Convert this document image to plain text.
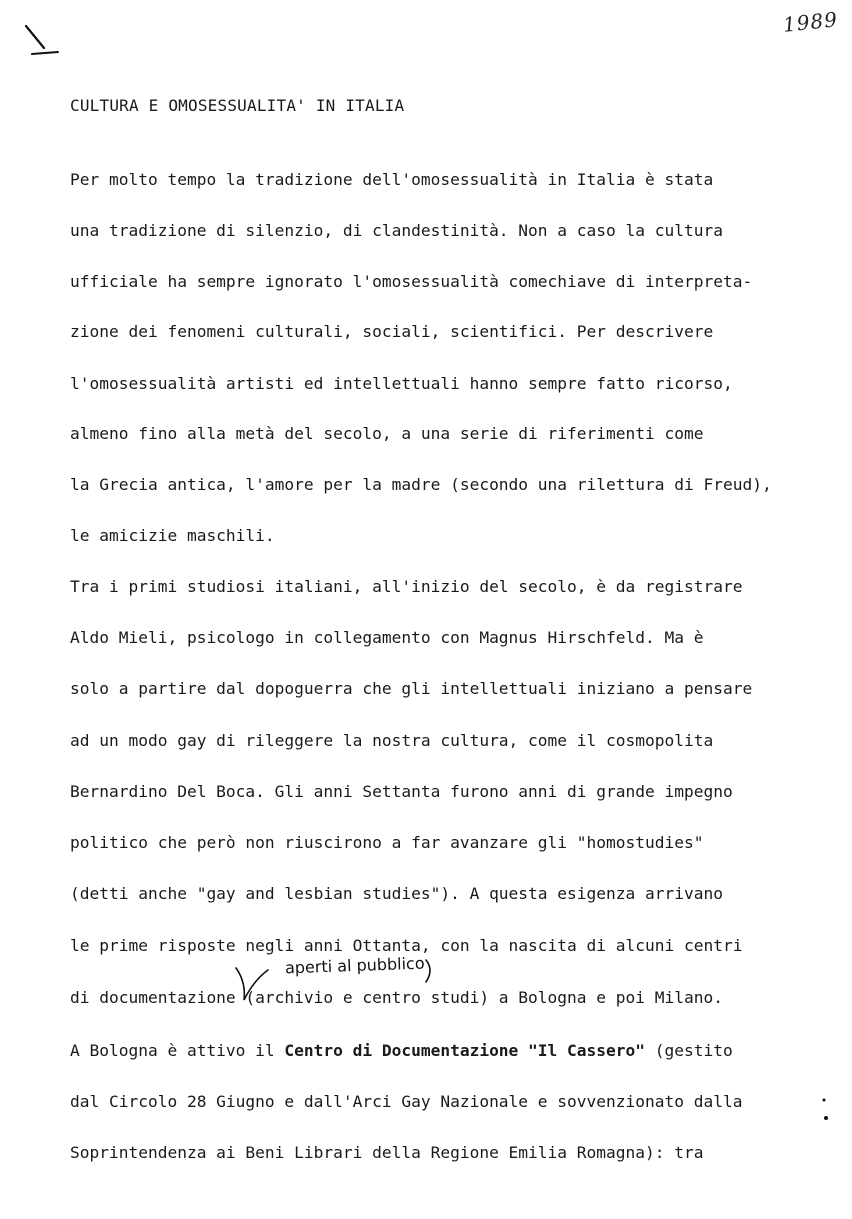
1989
CULTURA E OMOSESSUALITA' IN ITALIA
Per molto tempo la tradizione dell'omosessualità in Italia è stata
una tradizione di silenzio, di clandestinità. Non a caso la cultura
ufficiale ha sempre ignorato l'omosessualità comechiave di interpreta-
zione dei fenomeni culturali, sociali, scientifici. Per descrivere
l'omosessualità artisti ed intellettuali hanno sempre fatto ricorso,
almeno fino alla metà del secolo, a una serie di riferimenti come
la Grecia antica, l'amore per la madre (secondo una rilettura di Freud),
le amicizie maschili.
Tra i primi studiosi italiani, all'inizio del secolo, è da registrare
Aldo Mieli, psicologo in collegamento con Magnus Hirschfeld. Ma è
solo a partire dal dopoguerra che gli intellettuali iniziano a pensare
ad un modo gay di rileggere la nostra cultura, come il cosmopolita
Bernardino Del Boca. Gli anni Settanta furono anni di grande impegno
politico che però non riuscirono a far avanzare gli "homostudies"
(detti anche "gay and lesbian studies"). A questa esigenza arrivano
le prime risposte negli anni Ottanta, con la nascita di alcuni centri
aperti al pubblico
di documentazione (archivio e centro studi) a Bologna e poi Milano.
A Bologna è attivo il Centro di Documentazione "Il Cassero" (gestito
dal Circolo 28 Giugno e dall'Arci Gay Nazionale e sovvenzionato dalla
Soprintendenza ai Beni Librari della Regione Emilia Romagna): tra
